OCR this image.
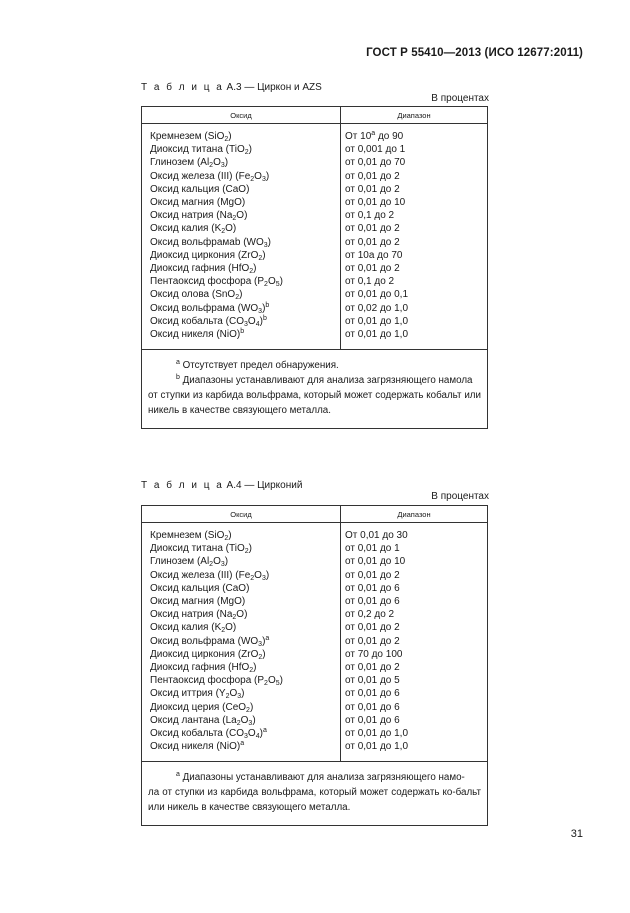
ГОСТ Р 55410—2013 (ИСО 12677:2011)
Т а б л и ц а А.3 — Циркон и AZS
В процентах
Оксид	Диапазон

Кремнезем (SiO$_2$)	От 10$^a$ до 90
Диоксид титана (TiO$_2$)	от 0,001 до 1
Глинозем $(Al_2O_3)$	от 0,01 до 70
Оксид железа (III) $(Fe_2O_3)$	от 0,01 до 2
Оксид кальция (CaO)	от 0,01 до 2
Оксид магния (MgO)	от 0,01 до 10
Оксид натрия $(Na_2O)$	от 0,1 до 2
Оксид калия $(K_2O)$	от 0,01 до 2
Оксид вольфрамаb $(WO_3)$	от 0,01 до 2
Диоксид циркония (ZrO$_2$)	от 10a до 70
Диоксид гафния (HfO$_2$)	от 0,01 до 2
Пентаоксид фосфора $(P_2O_5)$	от 0,1 до 2
Оксид олова (SnO$_2$)	от 0,01 до 0,1
Оксид вольфрама $(WO_3)^b$	от 0,02 до 1,0
Оксид кобальта $(CO_3O_4)^b$	от 0,01 до 1,0
Оксид никеля (NiO)$^b$	от 0,01 до 1,0

$^a$ Отсутствует предел обнаружения.
$^b$ Диапазоны устанавливают для анализа загрязняющего намола
от ступки из карбида вольфрама, который может содержать кобальт или никель в качестве связующего металла.	
Т а б л и ц а А.4 — Цирконий
В процентах
Оксид	Диапазон

Кремнезем (SiO$_2$)	От 0,01 до 30
Диоксид титана (TiO$_2$)	от 0,01 до 1
Глинозем $(Al_2O_3)$	от 0,01 до 10
Оксид железа (III) $(Fe_2O_3)$	от 0,01 до 2
Оксид кальция (CaO)	от 0,01 до 6
Оксид магния (MgO)	от 0,01 до 6
Оксид натрия $(Na_2O)$	от 0,2 до 2
Оксид калия $(K_2O)$	от 0,01 до 2
Оксид вольфрама $(WO_3)^a$	от 0,01 до 2
Диоксид циркония (ZrO$_2$)	от 70 до 100
Диоксид гафния (HfO$_2$)	от 0,01 до 2
Пентаоксид фосфора $(P_2O_5)$	от 0,01 до 5
Оксид иттрия $(Y_2O_3)$	от 0,01 до 6
Диоксид церия (CeO$_2$)	от 0,01 до 6
Оксид лантана $(La_2O_3)$	от 0,01 до 6
Оксид кобальта $(CO_3O_4)^a$	от 0,01 до 1,0
Оксид никеля (NiO)$^a$	от 0,01 до 1,0

$^a$ Диапазоны устанавливают для анализа загрязняющего намо-
ла от ступки из карбида вольфрама, который может содержать ко-бальт или никель в качестве связующего металла.	
31
